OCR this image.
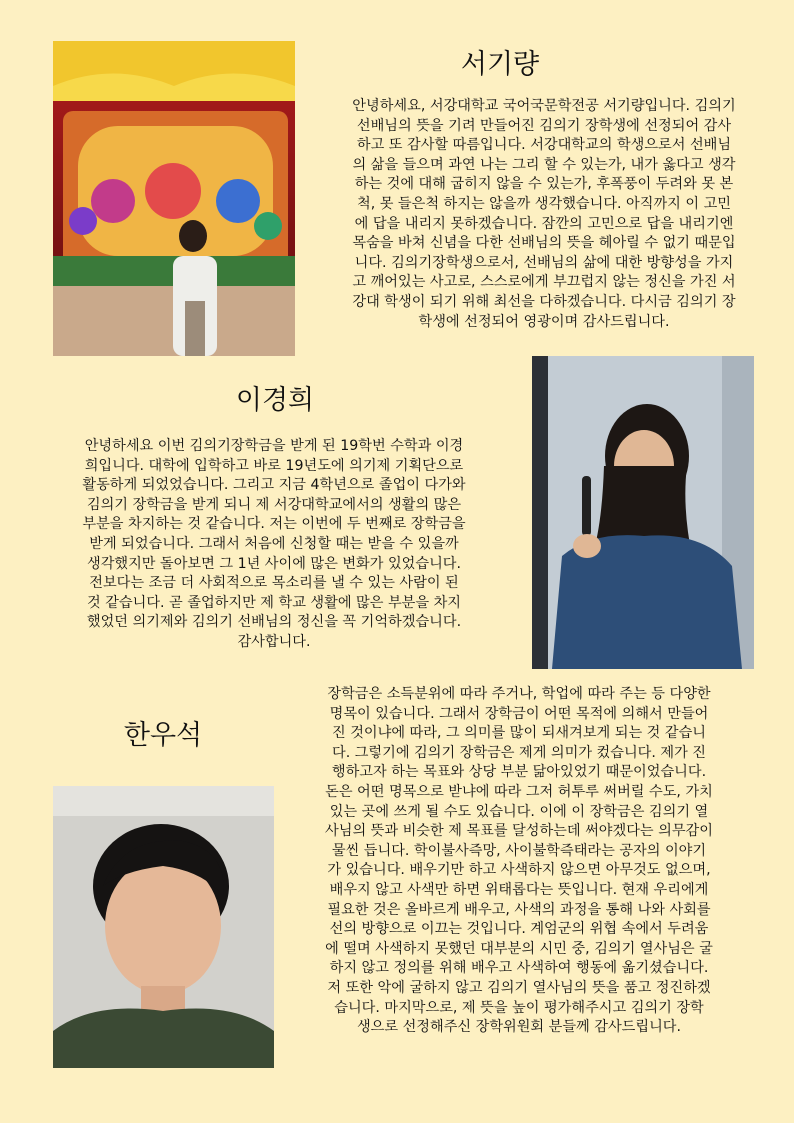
서기량

안녕하세요, 서강대학교 국어국문학전공 서기량입니다. 김의기

선배님의 뜻을 기려 만들어진 김의기 장학생에 선정되어 감사

하고 또 감사할 따름입니다. 서강대학교의 학생으로서 선배님

의 삶을 들으며 과연 나는 그리 할 수 있는가, 내가 옳다고 생각

하는 것에 대해 굽히지 않을 수 있는가, 후폭풍이 두려와 못 본

척, 못 들은척 하지는 않을까 생각했습니다. 아직까지 이 고민

에 답을 내리지 못하겠습니다. 잠깐의 고민으로 답을 내리기엔

목숨을 바쳐 신념을 다한 선배님의 뜻을 헤아릴 수 없기 때문입

니다. 김의기장학생으로서, 선배님의 삶에 대한 방향성을 가지

고 깨어있는 사고로, 스스로에게 부끄럽지 않는 정신을 가진 서

강대 학생이 되기 위해 최선을 다하겠습니다. 다시금 김의기 장

학생에 선정되어 영광이며 감사드립니다.

이경희

안녕하세요 이번 김의기장학금을 받게 된 19학번 수학과 이경

희입니다. 대학에 입학하고 바로 19년도에 의기제 기획단으로

활동하게 되었었습니다. 그리고 지금 4학년으로 졸업이 다가와

김의기 장학금을 받게 되니 제 서강대학교에서의 생활의 많은

부분을 차지하는 것 같습니다. 저는 이번에 두 번째로 장학금을

받게 되었습니다. 그래서 처음에 신청할 때는 받을 수 있을까

생각했지만 돌아보면 그 1년 사이에 많은 변화가 있었습니다.

전보다는 조금 더 사회적으로 목소리를 낼 수 있는 사람이 된

것 같습니다. 곧 졸업하지만 제 학교 생활에 많은 부분을 차지

했었던 의기제와 김의기 선배님의 정신을 꼭 기억하겠습니다.

감사합니다.

한우석

장학금은 소득분위에 따라 주거나, 학업에 따라 주는 등 다양한

명목이 있습니다. 그래서 장학금이 어떤 목적에 의해서 만들어

진 것이냐에 따라, 그 의미를 많이 되새겨보게 되는 것 같습니

다. 그렇기에 김의기 장학금은 제게 의미가 컸습니다. 제가 진

행하고자 하는 목표와 상당 부분 닮아있었기 때문이었습니다.

돈은 어떤 명목으로 받냐에 따라 그저 허투루 써버릴 수도, 가치

있는 곳에 쓰게 될 수도 있습니다. 이에 이 장학금은 김의기 열

사님의 뜻과 비슷한 제 목표를 달성하는데 써야겠다는 의무감이

물씬 듭니다. 학이불사즉망, 사이불학즉태라는 공자의 이야기

가 있습니다. 배우기만 하고 사색하지 않으면 아무것도 없으며,

배우지 않고 사색만 하면 위태롭다는 뜻입니다. 현재 우리에게

필요한 것은 올바르게 배우고, 사색의 과정을 통해 나와 사회를

선의 방향으로 이끄는 것입니다. 계엄군의 위협 속에서 두려움

에 떨며 사색하지 못했던 대부분의 시민 중, 김의기 열사님은 굴

하지 않고 정의를 위해 배우고 사색하여 행동에 옮기셨습니다.

저 또한 악에 굴하지 않고 김의기 열사님의 뜻을 품고 정진하겠

습니다. 마지막으로, 제 뜻을 높이 평가해주시고 김의기 장학

생으로 선정해주신 장학위원회 분들께 감사드립니다.
